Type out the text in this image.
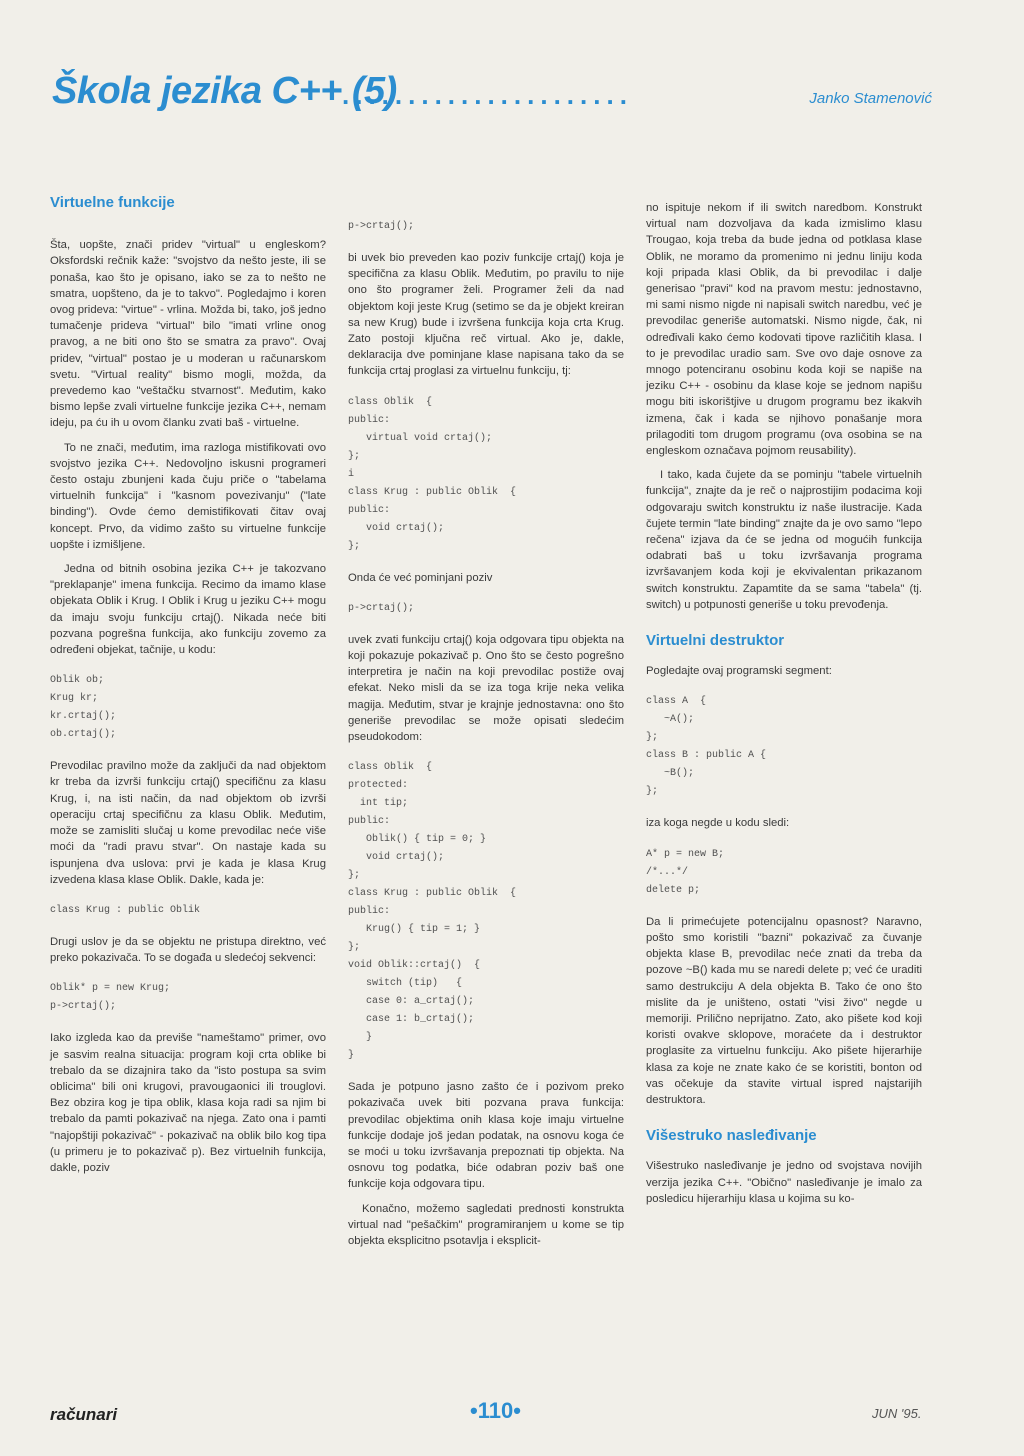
Škola jezika C++ (5)
......................	Janko Stamenović
Virtuelne funkcije

Šta, uopšte, znači pridev "virtual" u engleskom? Oksfordski rečnik kaže: "svojstvo da nešto jeste, ili se ponaša, kao što je opisano, iako se za to nešto ne smatra, uopšteno, da je to takvo". Pogledajmo i koren ovog prideva: "virtue" - vrlina. Možda bi, tako, još jedno tumačenje prideva "virtual" bilo "imati vrline onog pravog, a ne biti ono što se smatra za pravo". Ovaj pridev, "virtual" postao je u moderan u računarskom svetu. "Virtual reality" bismo mogli, možda, da prevedemo kao "veštačku stvarnost". Međutim, kako bismo lepše zvali virtuelne funkcije jezika C++, nemam ideju, pa ću ih u ovom članku zvati baš - virtuelne.

To ne znači, međutim, ima razloga mistifikovati ovo svojstvo jezika C++. Nedovoljno iskusni programeri često ostaju zbunjeni kada čuju priče o "tabelama virtuelnih funkcija" i "kasnom povezivanju" ("late binding"). Ovde ćemo demistifikovati čitav ovaj koncept. Prvo, da vidimo zašto su virtuelne funkcije uopšte i izmišljene.

Jedna od bitnih osobina jezika C++ je takozvano "preklapanje" imena funkcija. Recimo da imamo klase objekata Oblik i Krug. I Oblik i Krug u jeziku C++ mogu da imaju svoju funkciju crtaj(). Nikada neće biti pozvana pogrešna funkcija, ako funkciju zovemo za određeni objekat, tačnije, u kodu:

Oblik ob;
Krug kr;
kr.crtaj();
ob.crtaj();

Prevodilac pravilno može da zaključi da nad objektom kr treba da izvrši funkciju crtaj() specifičnu za klasu Krug, i, na isti način, da nad objektom ob izvrši operaciju crtaj specifičnu za klasu Oblik. Međutim, može se zamisliti slučaj u kome prevodilac neće više moći da "radi pravu stvar". On nastaje kada su ispunjena dva uslova: prvi je kada je klasa Krug izvedena klasa klase Oblik. Dakle, kada je:

class Krug : public Oblik

Drugi uslov je da se objektu ne pristupa direktno, već preko pokazivača. To se događa u sledećoj sekvenci:

Oblik* p = new Krug;
p->crtaj();

Iako izgleda kao da previše "nameštamo" primer, ovo je sasvim realna situacija: program koji crta oblike bi trebalo da se dizajnira tako da "isto postupa sa svim oblicima" bili oni krugovi, pravougaonici ili trouglovi. Bez obzira kog je tipa oblik, klasa koja radi sa njim bi trebalo da pamti pokazivač na njega. Zato ona i pamti "najopštiji pokazivač" - pokazivač na oblik bilo kog tipa (u primeru je to pokazivač p). Bez virtuelnih funkcija, dakle, poziv

p->crtaj();

bi uvek bio preveden kao poziv funkcije crtaj() koja je specifična za klasu Oblik. Međutim, po pravilu to nije ono što programer želi. Programer želi da nad objektom koji jeste Krug (setimo se da je objekt kreiran sa new Krug) bude i izvršena funkcija koja crta Krug. Zato postoji ključna reč virtual. Ako je, dakle, deklaracija dve pominjane klase napisana tako da se funkcija crtaj proglasi za virtuelnu funkciju, tj:

class Oblik  {
public:
virtual void crtaj();
};
i
class Krug : public Oblik  {
public:
void crtaj();
};

Onda će već pominjani poziv

p->crtaj();

uvek zvati funkciju crtaj() koja odgovara tipu objekta na koji pokazuje pokazivač p. Ono što se često pogrešno interpretira je način na koji prevodilac postiže ovaj efekat. Neko misli da se iza toga krije neka velika magija. Međutim, stvar je krajnje jednostavna: ono što generiše prevodilac se može opisati sledećim pseudokodom:

class Oblik  {
protected:
int tip;
public:
Oblik() { tip = 0; }
void crtaj();
};
class Krug : public Oblik  {
public:
Krug() { tip = 1; }
};
void Oblik::crtaj()  {
switch (tip)   {
case 0: a_crtaj();
case 1: b_crtaj();
}
}

Sada je potpuno jasno zašto će i pozivom preko pokazivača uvek biti pozvana prava funkcija: prevodilac objektima onih klasa koje imaju virtuelne funkcije dodaje još jedan podatak, na osnovu koga će se moći u toku izvršavanja prepoznati tip objekta. Na osnovu tog podatka, biće odabran poziv baš one funkcije koja odgovara tipu.

Konačno, možemo sagledati prednosti konstrukta virtual nad "pešačkim" programiranjem u kome se tip objekta eksplicitno psotavlja i eksplicit-

no ispituje nekom if ili switch naredbom. Konstrukt virtual nam dozvoljava da kada izmislimo klasu Trougao, koja treba da bude jedna od potklasa klase Oblik, ne moramo da promenimo ni jednu liniju koda koji pripada klasi Oblik, da bi prevodilac i dalje generisao "pravi" kod na pravom mestu: jednostavno, mi sami nismo nigde ni napisali switch naredbu, već je prevodilac generiše automatski. Nismo nigde, čak, ni određivali kako ćemo kodovati tipove različitih klasa. I to je prevodilac uradio sam. Sve ovo daje osnove za mnogo potenciranu osobinu koda koji se napiše na jeziku C++ - osobinu da klase koje se jednom napišu mogu biti iskorištjive u drugom programu bez ikakvih izmena, čak i kada se njihovo ponašanje mora prilagoditi tom drugom programu (ova osobina se na engleskom označava pojmom reusability).

I tako, kada čujete da se pominju "tabele virtuelnih funkcija", znajte da je reč o najprostijim podacima koji odgovaraju switch konstruktu iz naše ilustracije. Kada čujete termin "late binding" znajte da je ovo samo "lepo rečena" izjava da će se jedna od mogućih funkcija odabrati baš u toku izvršavanja programa izvršavanjem koda koji je ekvivalentan prikazanom switch konstruktu. Zapamtite da se sama "tabela" (tj. switch) u potpunosti generiše u toku prevođenja.

Virtuelni destruktor

Pogledajte ovaj programski segment:

class A  {
~A();
};
class B : public A {
~B();
};

iza koga negde u kodu sledi:

A* p = new B;
/*...*/
delete p;

Da li primećujete potencijalnu opasnost? Naravno, pošto smo koristili "bazni" pokazivač za čuvanje objekta klase B, prevodilac neće znati da treba da pozove ~B() kada mu se naredi delete p; već će uraditi samo destrukciju A dela objekta B. Tako će ono što mislite da je uništeno, ostati "visi živo" negde u memoriji. Prilično neprijatno. Zato, ako pišete kod koji koristi ovakve sklopove, moraćete da i destruktor proglasite za virtuelnu funkciju. Ako pišete hijerarhije klasa za koje ne znate kako će se koristiti, bonton od vas očekuje da stavite virtual ispred najstarijih destruktora.

Višestruko nasleđivanje

Višestruko nasleđivanje je jedno od svojstava novijih verzija jezika C++. "Obično" nasleđivanje je imalo za posledicu hijerarhiju klasa u kojima su ko-

računari	•110•	JUN '95.
